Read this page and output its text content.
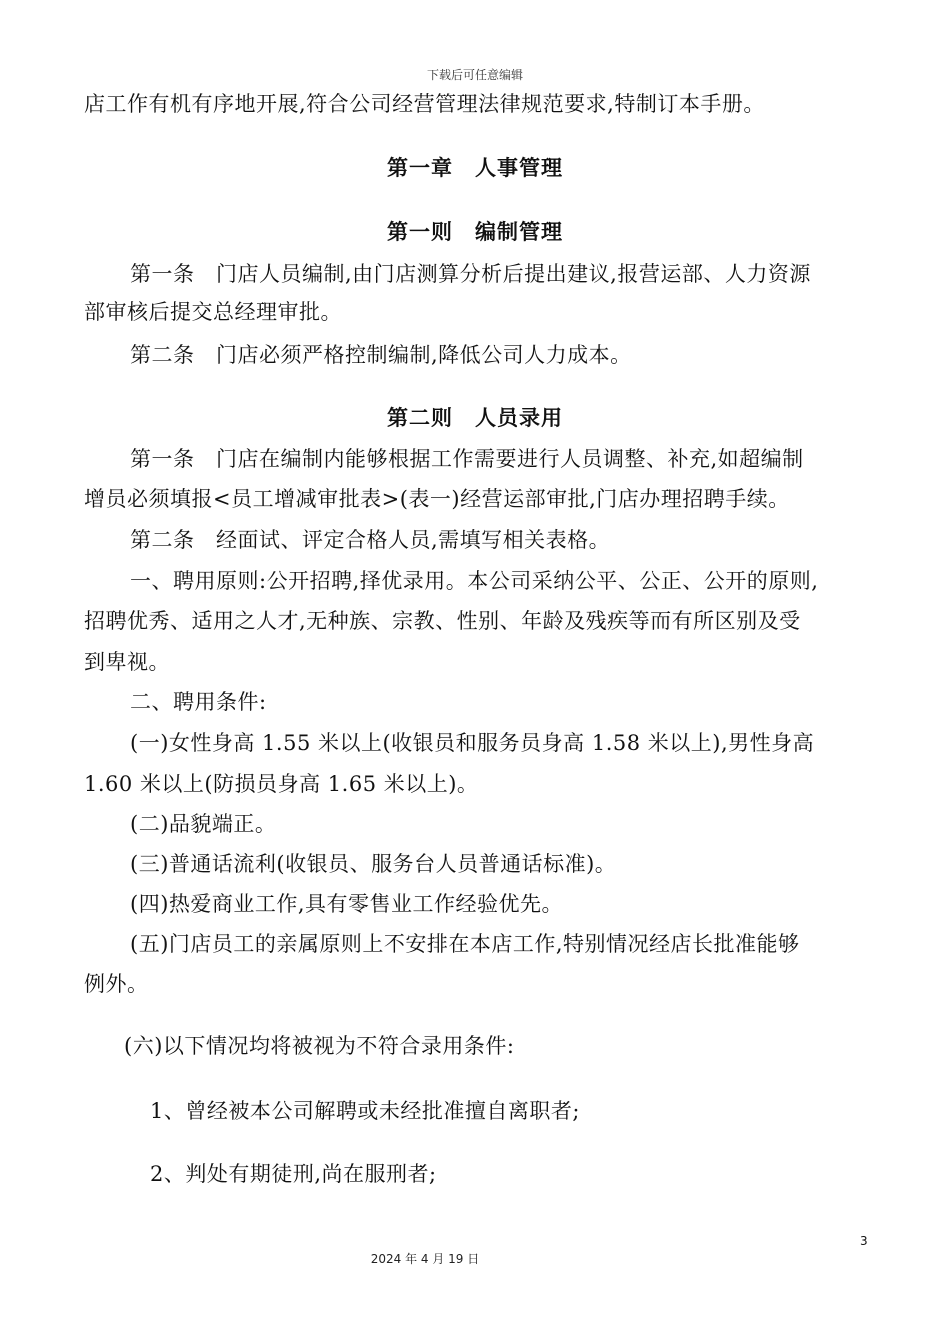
下载后可任意编辑
店工作有机有序地开展,符合公司经营管理法律规范要求,特制订本手册。
第一章　人事管理
第一则　编制管理
第一条　门店人员编制,由门店测算分析后提出建议,报营运部、人力资源
部审核后提交总经理审批。
第二条　门店必须严格控制编制,降低公司人力成本。
第二则　人员录用
第一条　门店在编制内能够根据工作需要进行人员调整、补充,如超编制
增员必须填报<员工增减审批表>(表一)经营运部审批,门店办理招聘手续。
第二条　经面试、评定合格人员,需填写相关表格。
一、聘用原则:公开招聘,择优录用。本公司采纳公平、公正、公开的原则,
招聘优秀、适用之人才,无种族、宗教、性别、年龄及残疾等而有所区别及受
到卑视。
二、聘用条件:
(一)女性身高 1.55 米以上(收银员和服务员身高 1.58 米以上),男性身高
1.60 米以上(防损员身高 1.65 米以上)。
(二)品貌端正。
(三)普通话流利(收银员、服务台人员普通话标准)。
(四)热爱商业工作,具有零售业工作经验优先。
(五)门店员工的亲属原则上不安排在本店工作,特别情况经店长批准能够
例外。
(六)以下情况均将被视为不符合录用条件:
1、曾经被本公司解聘或未经批准擅自离职者;
2、判处有期徒刑,尚在服刑者;
3
2024 年 4 月 19 日
